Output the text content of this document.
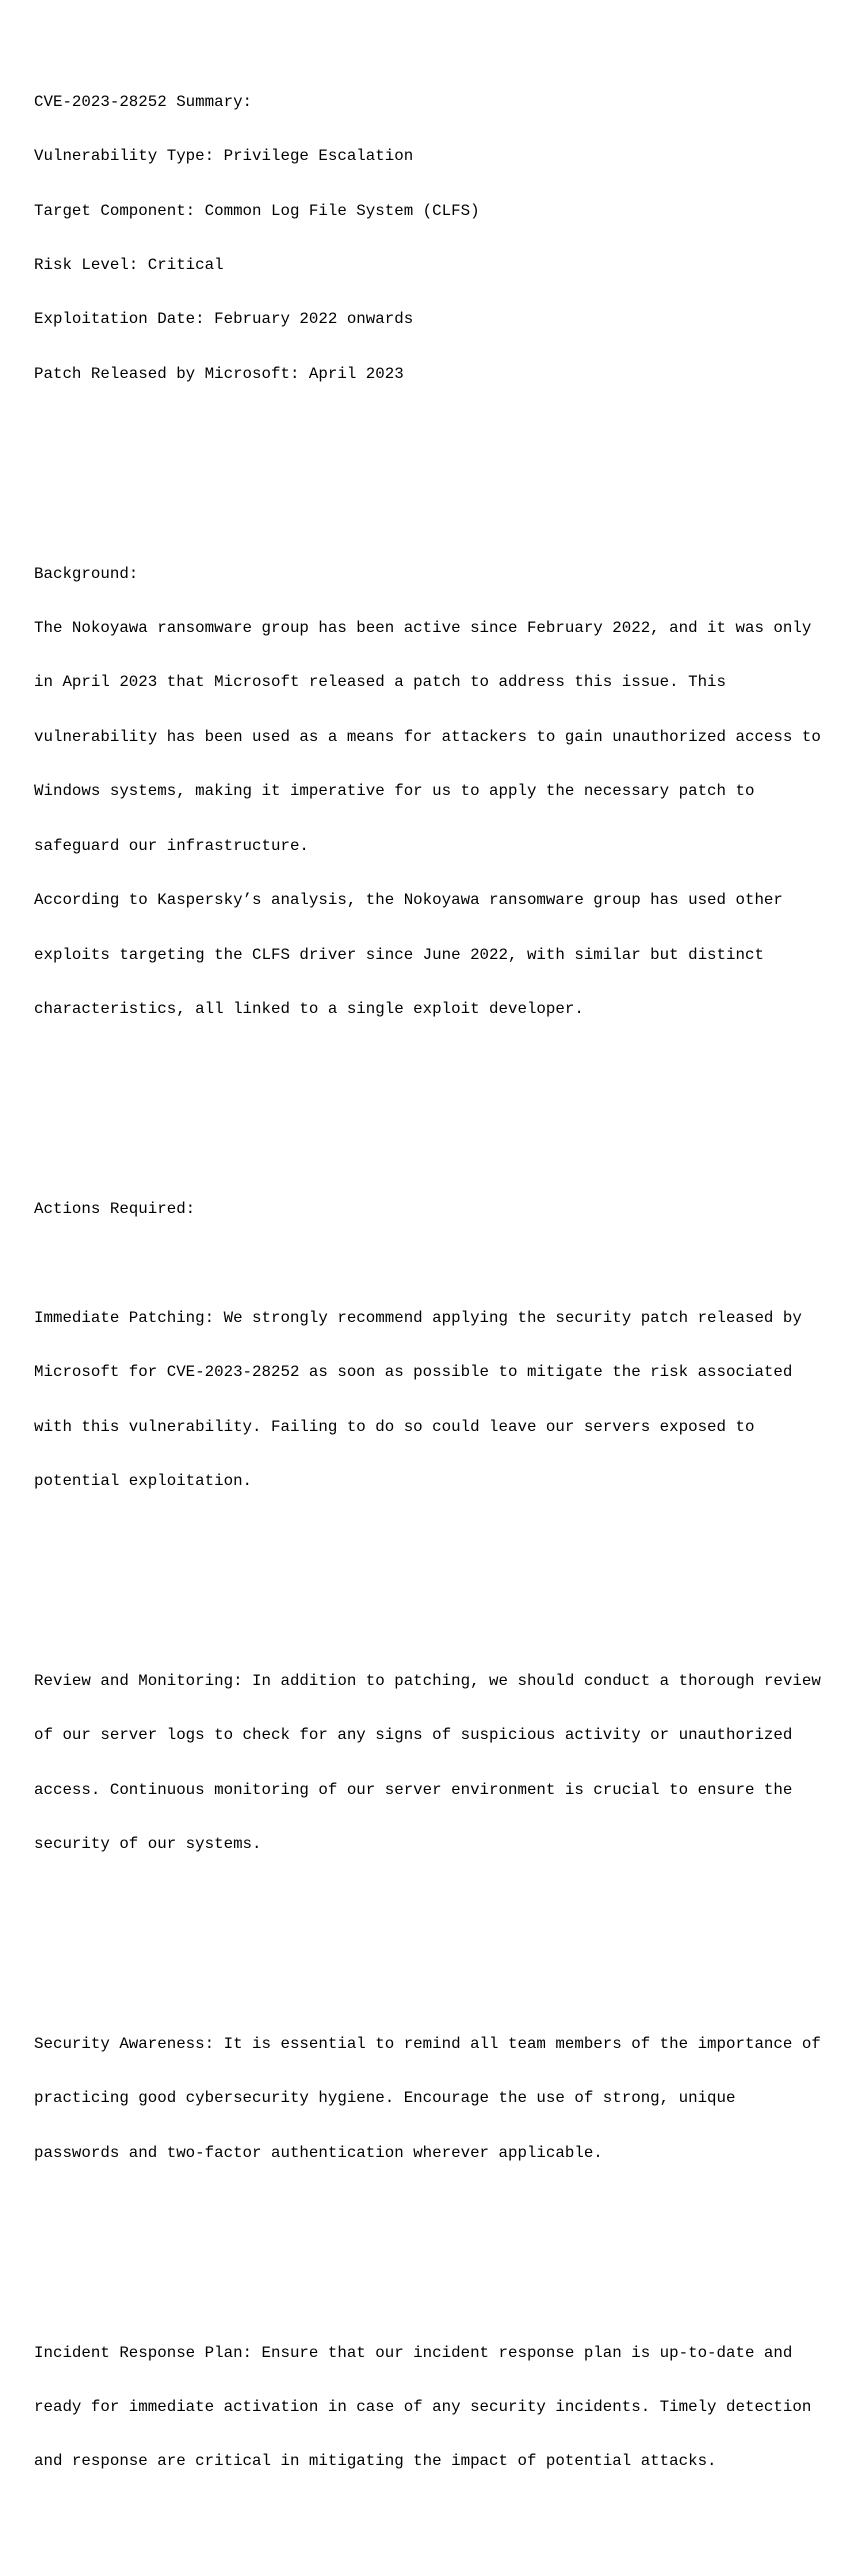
CVE-2023-28252 Summary:

Vulnerability Type: Privilege Escalation

Target Component: Common Log File System (CLFS)

Risk Level: Critical

Exploitation Date: February 2022 onwards

Patch Released by Microsoft: April 2023

Background:

The Nokoyawa ransomware group has been active since February 2022, and it was only

in April 2023 that Microsoft released a patch to address this issue. This

vulnerability has been used as a means for attackers to gain unauthorized access to

Windows systems, making it imperative for us to apply the necessary patch to

safeguard our infrastructure.

According to Kaspersky’s analysis, the Nokoyawa ransomware group has used other

exploits targeting the CLFS driver since June 2022, with similar but distinct

characteristics, all linked to a single exploit developer.

Actions Required:

Immediate Patching: We strongly recommend applying the security patch released by

Microsoft for CVE-2023-28252 as soon as possible to mitigate the risk associated

with this vulnerability. Failing to do so could leave our servers exposed to

potential exploitation.

Review and Monitoring: In addition to patching, we should conduct a thorough review

of our server logs to check for any signs of suspicious activity or unauthorized

access. Continuous monitoring of our server environment is crucial to ensure the

security of our systems.

Security Awareness: It is essential to remind all team members of the importance of

practicing good cybersecurity hygiene. Encourage the use of strong, unique

passwords and two-factor authentication wherever applicable.

Incident Response Plan: Ensure that our incident response plan is up-to-date and

ready for immediate activation in case of any security incidents. Timely detection

and response are critical in mitigating the impact of potential attacks.
